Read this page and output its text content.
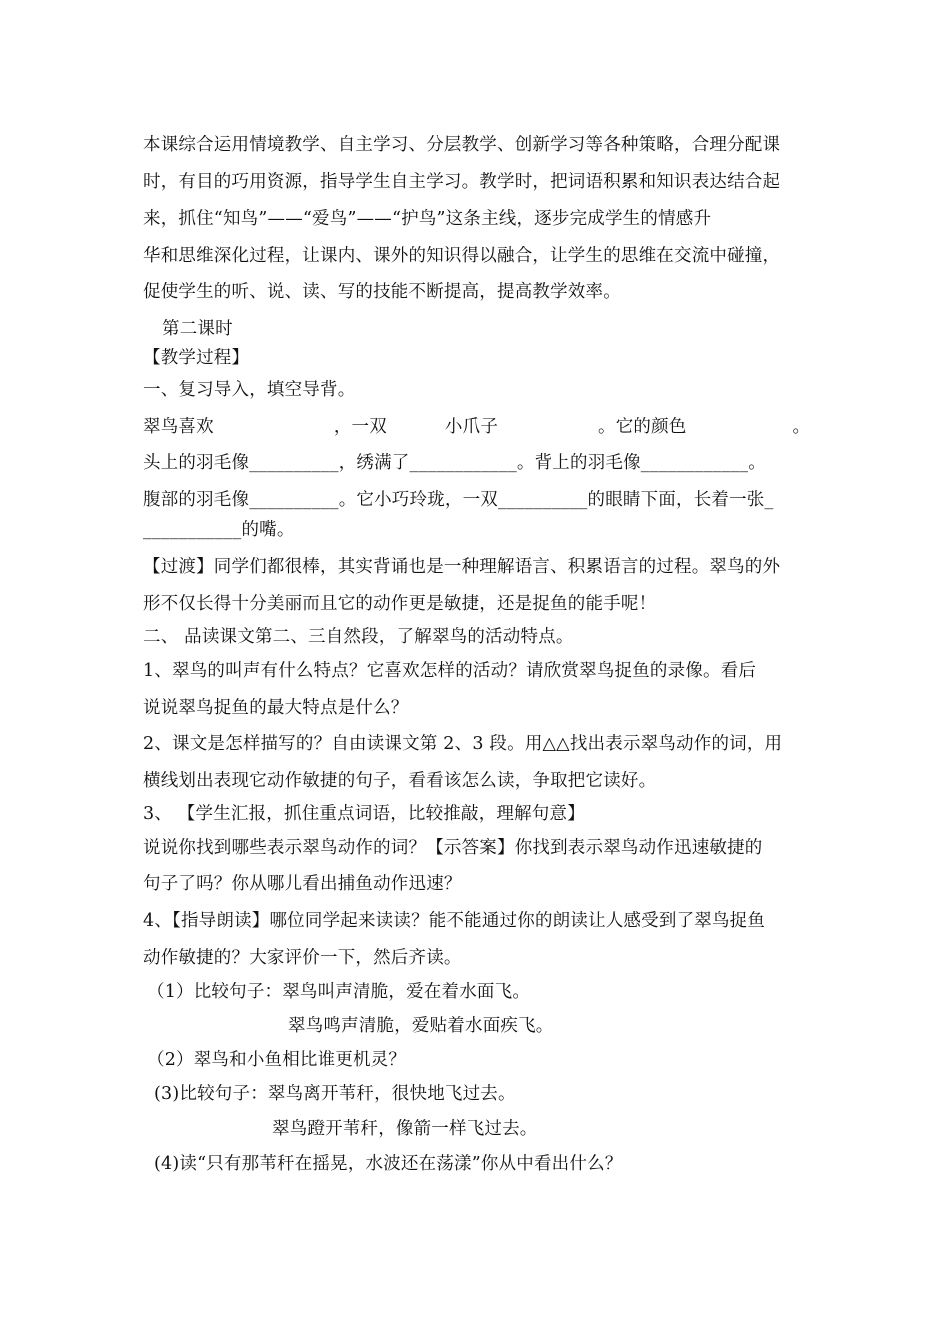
本课综合运用情境教学、自主学习、分层教学、创新学习等各种策略，合理分配课
时，有目的巧用资源，指导学生自主学习。教学时，把词语积累和知识表达结合起
来，抓住“知鸟”——“爱鸟”——“护鸟”这条主线，逐步完成学生的情感升
华和思维深化过程，让课内、课外的知识得以融合，让学生的思维在交流中碰撞，
促使学生的听、说、读、写的技能不断提高，提高教学效率。
第二课时
【教学过程】
一、复习导入，填空导背。
翠鸟喜欢	，一双	小爪子	。它的颜色	。
头上的羽毛像__________，绣满了____________。背上的羽毛像____________。
腹部的羽毛像__________。它小巧玲珑，一双__________的眼睛下面，长着一张_
___________的嘴。
【过渡】同学们都很棒，其实背诵也是一种理解语言、积累语言的过程。翠鸟的外
形不仅长得十分美丽而且它的动作更是敏捷，还是捉鱼的能手呢！
二、 品读课文第二、三自然段，了解翠鸟的活动特点。
1、翠鸟的叫声有什么特点？它喜欢怎样的活动？请欣赏翠鸟捉鱼的录像。看后
说说翠鸟捉鱼的最大特点是什么？
2、课文是怎样描写的？自由读课文第 2、3 段。用△△找出表示翠鸟动作的词，用
横线划出表现它动作敏捷的句子，看看该怎么读，争取把它读好。
3、 【学生汇报，抓住重点词语，比较推敲，理解句意】
说说你找到哪些表示翠鸟动作的词？【示答案】你找到表示翠鸟动作迅速敏捷的
句子了吗？你从哪儿看出捕鱼动作迅速？
4、【指导朗读】哪位同学起来读读？能不能通过你的朗读让人感受到了翠鸟捉鱼
动作敏捷的？大家评价一下，然后齐读。
（1）比较句子：翠鸟叫声清脆，爱在着水面飞。
翠鸟鸣声清脆，爱贴着水面疾飞。
（2）翠鸟和小鱼相比谁更机灵？
(3)比较句子：翠鸟离开苇秆，很快地飞过去。
翠鸟蹬开苇秆，像箭一样飞过去。
(4)读“只有那苇秆在摇晃，水波还在荡漾”你从中看出什么？
